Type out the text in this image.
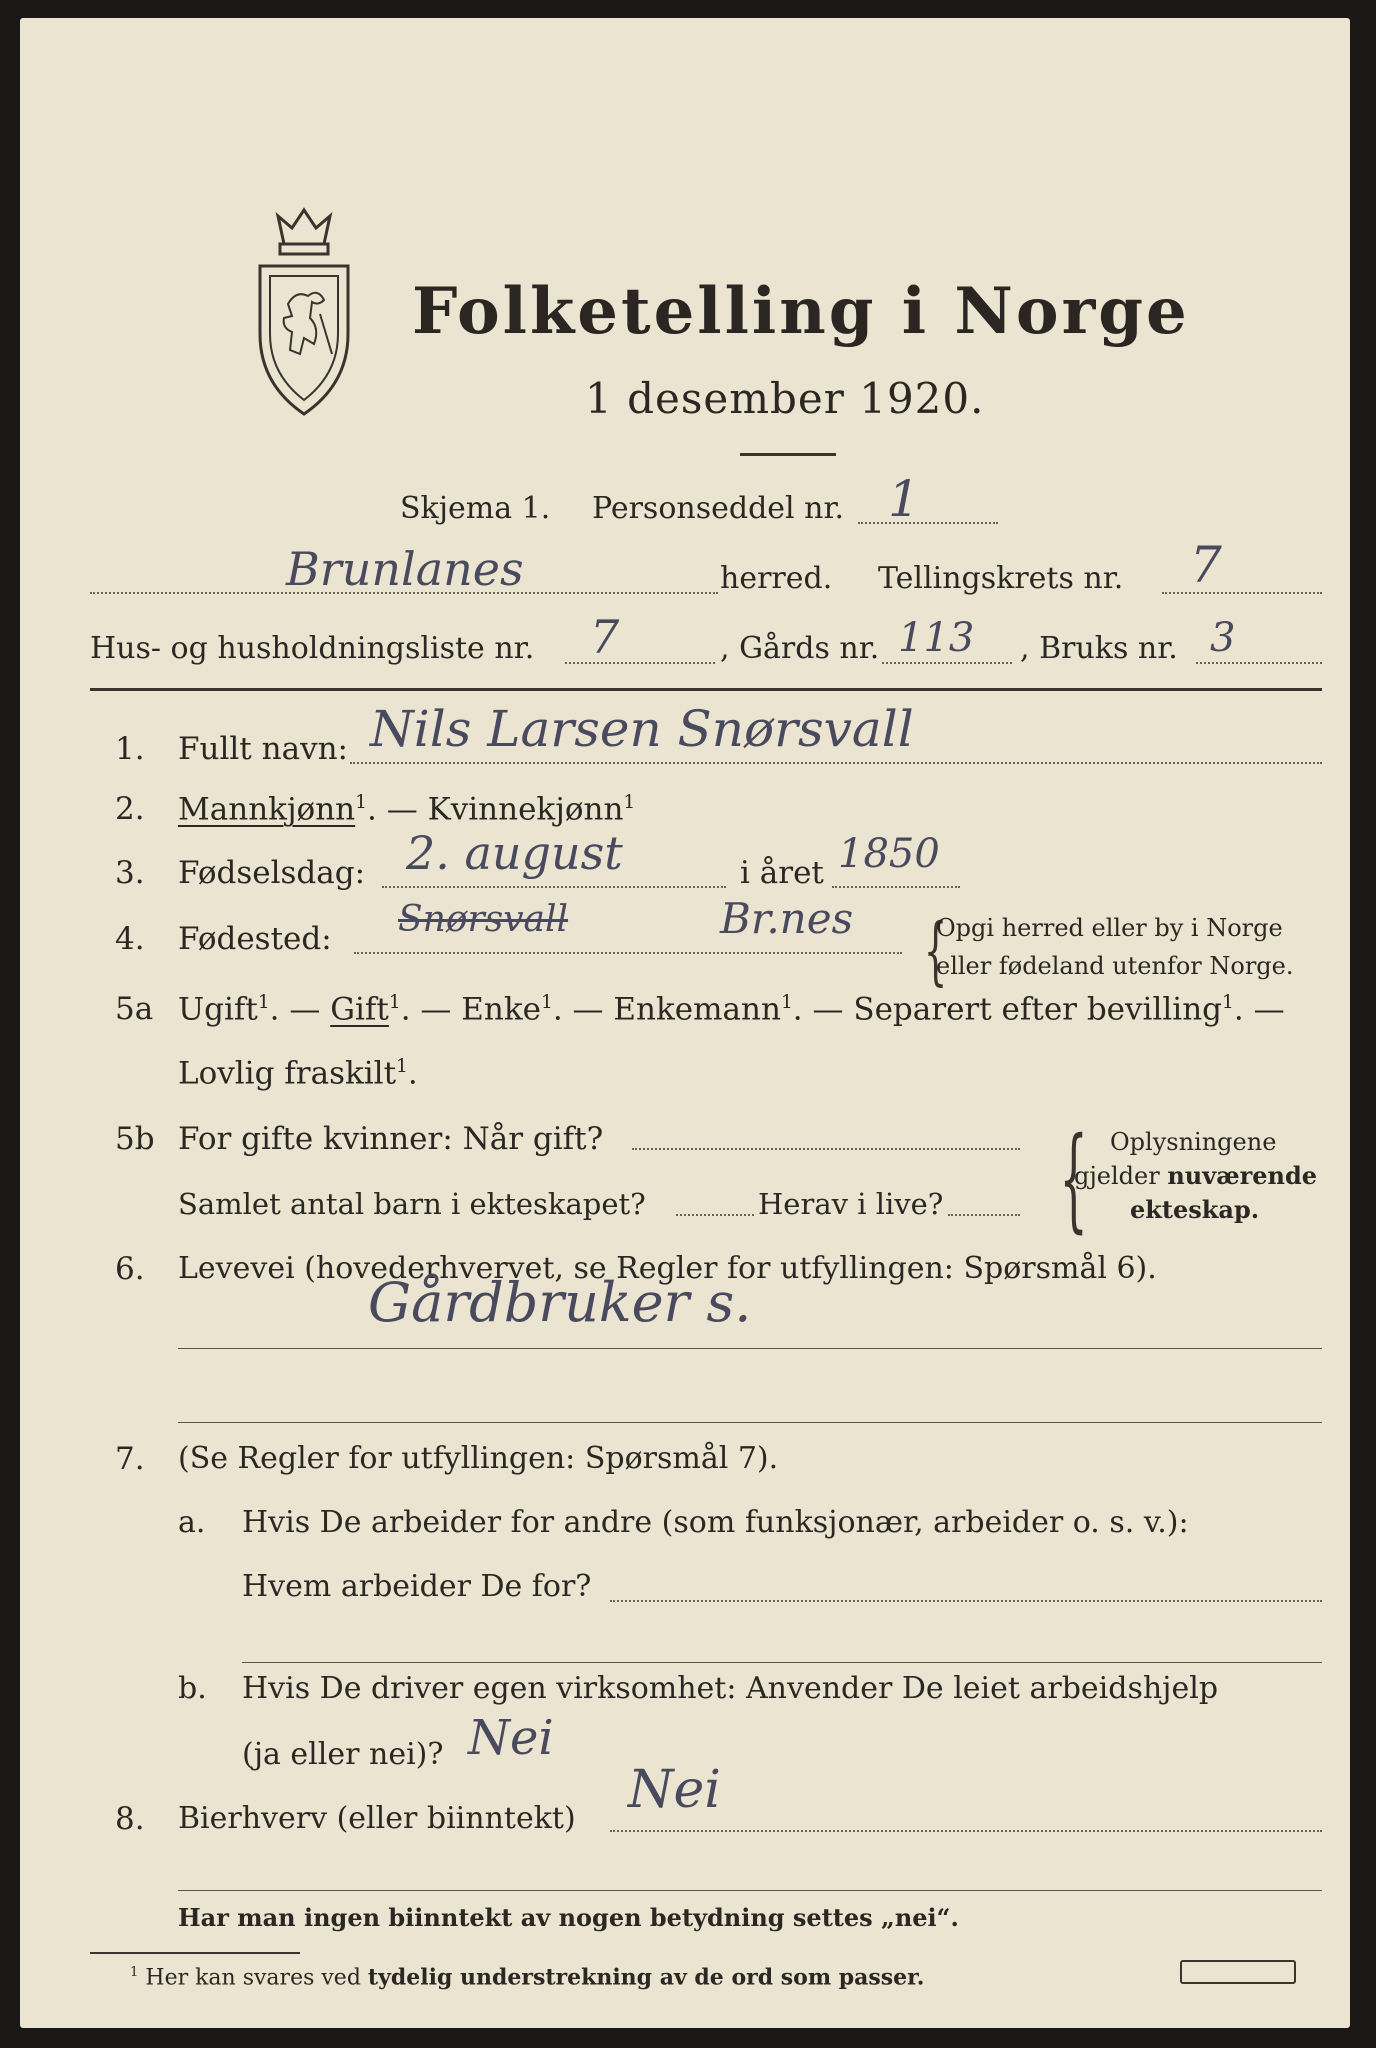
Folketelling i Norge
1 desember 1920.
Skjema 1. Personseddel nr. 1
Brunlanes	herred. Tellingskrets nr. 7
Hus- og husholdningsliste nr. 7	, Gårds nr. 113 , Bruks nr. 3
1. Fullt navn: Nils Larsen Snørsvall
2. Mannkjønn$^1$. — Kvinnekjønn$^1$
3. Fødselsdag: 2. august	i året 1850
4. Fødested: Snørsvall	Br.nes {
Opgi herred eller by i Norge
eller fødeland utenfor Norge.
5a Ugift$^1$. — Gift$^1$. — Enke$^1$. — Enkemann$^1$. — Separert efter bevilling$^1$. —
Lovlig fraskilt$^1$.
5b For gifte kvinner: Når gift?
Samlet antal barn i ekteskapet?	Herav i live? { Oplysningene
gjelder nuværende
ekteskap.
6. Levevei (hovederhvervet, se Regler for utfyllingen: Spørsmål 6).
Gårdbruker s.
7. (Se Regler for utfyllingen: Spørsmål 7).
a. Hvis De arbeider for andre (som funksjonær, arbeider o. s. v.):
Hvem arbeider De for?
b. Hvis De driver egen virksomhet: Anvender De leiet arbeidshjelp
(ja eller nei)? Nei
8. Bierhverv (eller biinntekt) Nei
Har man ingen biinntekt av nogen betydning settes „nei“.
$^1$ Her kan svares ved tydelig understrekning av de ord som passer.
